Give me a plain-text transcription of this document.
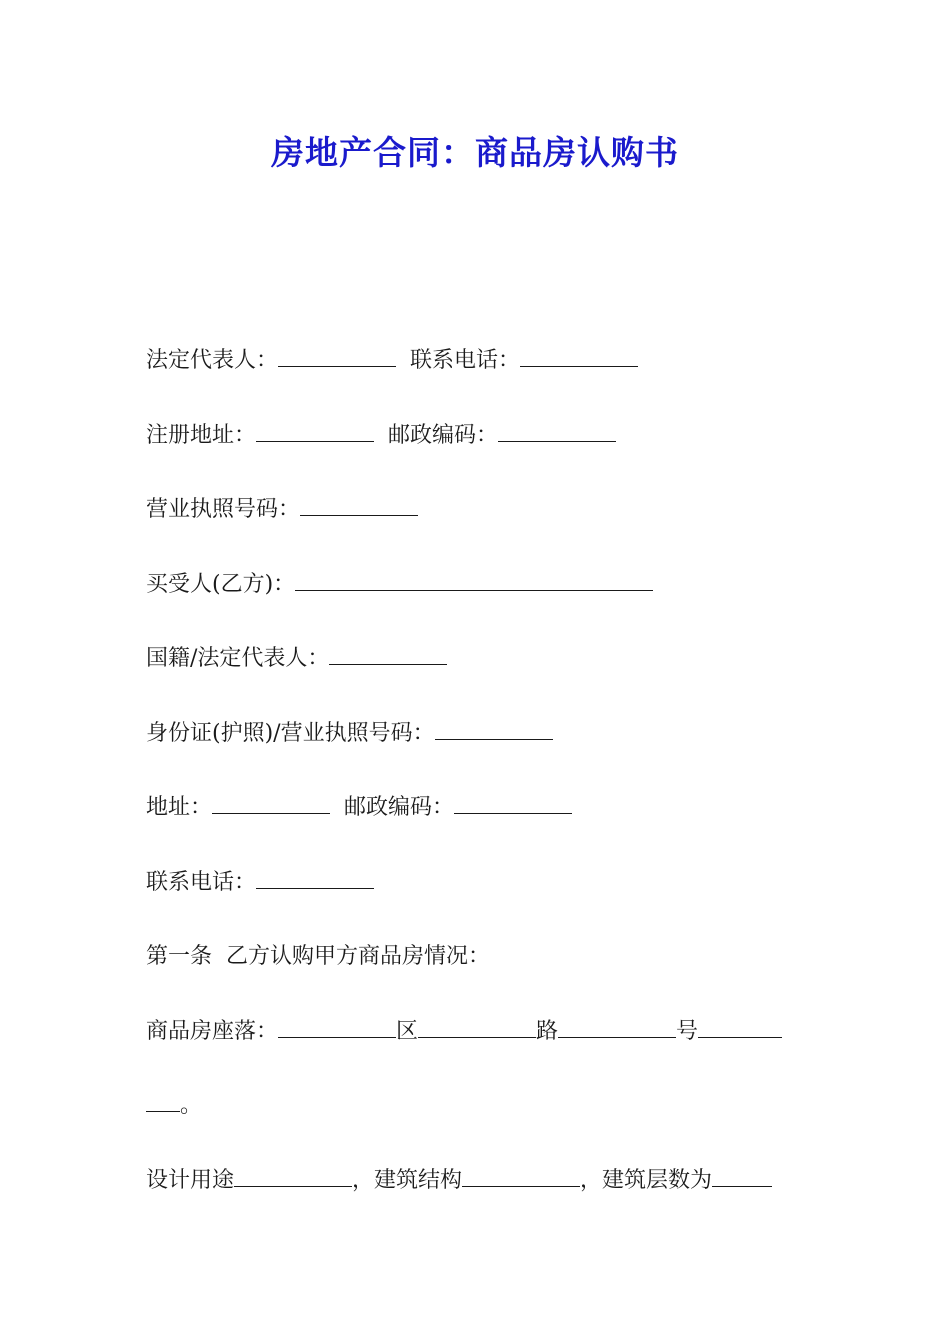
房地产合同：商品房认购书
法定代表人：	联系电话：
注册地址：	邮政编码：
营业执照号码：
买受人(乙方)：
国籍/法定代表人：
身份证(护照)/营业执照号码：
地址：	邮政编码：
联系电话：
第一条  乙方认购甲方商品房情况：
商品房座落：	区	路	号
。
设计用途	，建筑结构	，建筑层数为
